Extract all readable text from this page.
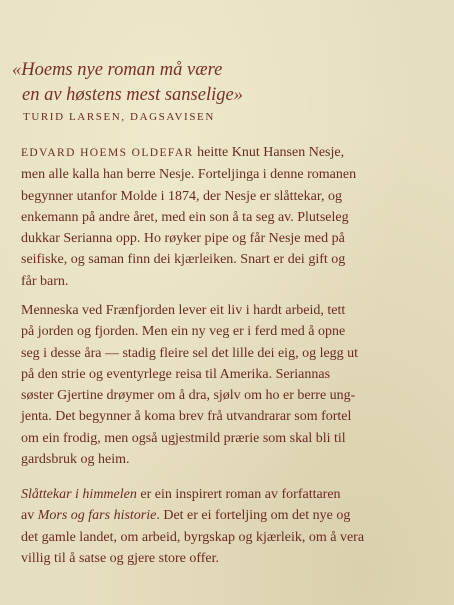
«Hoems nye roman må være
en av høstens mest sanselige»
TURID LARSEN, DAGSAVISEN
EDVARD HOEMS OLDEFAR heitte Knut Hansen Nesje,
men alle kalla han berre Nesje. Forteljinga i denne romanen
begynner utanfor Molde i 1874, der Nesje er slåttekar, og
enkemann på andre året, med ein son å ta seg av. Plutseleg
dukkar Serianna opp. Ho røyker pipe og får Nesje med på
seifiske, og saman finn dei kjærleiken. Snart er dei gift og
får barn.
Menneska ved Frænfjorden lever eit liv i hardt arbeid, tett
på jorden og fjorden. Men ein ny veg er i ferd med å opne
seg i desse åra — stadig fleire sel det lille dei eig, og legg ut
på den strie og eventyrlege reisa til Amerika. Seriannas
søster Gjertine drøymer om å dra, sjølv om ho er berre ung-
jenta. Det begynner å koma brev frå utvandrarar som fortel
om ein frodig, men også ugjestmild prærie som skal bli til
gardsbruk og heim.
Slåttekar i himmelen er ein inspirert roman av forfattaren
av Mors og fars historie. Det er ei forteljing om det nye og
det gamle landet, om arbeid, byrgskap og kjærleik, om å vera
villig til å satse og gjere store offer.
